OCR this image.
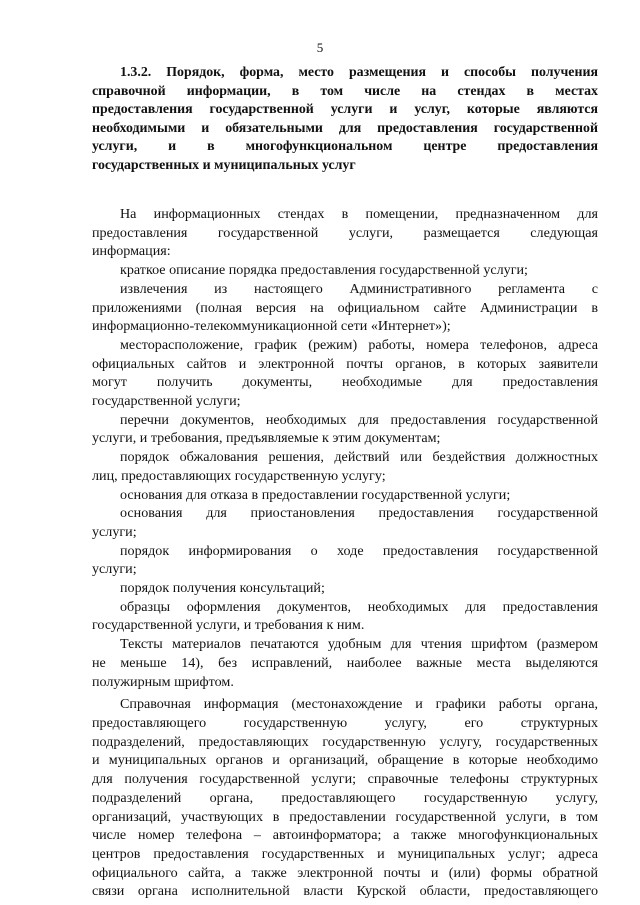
5
1.3.2. Порядок, форма, место размещения и способы получения
справочной информации, в том числе на стендах в местах
предоставления государственной услуги и услуг, которые являются
необходимыми и обязательными для предоставления государственной
услуги, и в многофункциональном центре предоставления
государственных и муниципальных услуг
На информационных стендах в помещении, предназначенном для
предоставления государственной услуги, размещается следующая
информация:
краткое описание порядка предоставления государственной услуги;
извлечения из настоящего Административного регламента с
приложениями (полная версия на официальном сайте Администрации в
информационно-телекоммуникационной сети «Интернет»);
месторасположение, график (режим) работы, номера телефонов, адреса
официальных сайтов и электронной почты органов, в которых заявители
могут получить документы, необходимые для предоставления
государственной услуги;
перечни документов, необходимых для предоставления государственной
услуги, и требования, предъявляемые к этим документам;
порядок обжалования решения, действий или бездействия должностных
лиц, предоставляющих государственную услугу;
основания для отказа в предоставлении государственной услуги;
основания для приостановления предоставления государственной
услуги;
порядок информирования о ходе предоставления государственной
услуги;
порядок получения консультаций;
образцы оформления документов, необходимых для предоставления
государственной услуги, и требования к ним.
Тексты материалов печатаются удобным для чтения шрифтом (размером
не меньше 14), без исправлений, наиболее важные места выделяются
полужирным шрифтом.
Справочная информация (местонахождение и графики работы органа,
предоставляющего государственную услугу, его структурных
подразделений, предоставляющих государственную услугу, государственных
и муниципальных органов и организаций, обращение в которые необходимо
для получения государственной услуги; справочные телефоны структурных
подразделений органа, предоставляющего государственную услугу,
организаций, участвующих в предоставлении государственной услуги, в том
числе номер телефона – автоинформатора; а также многофункциональных
центров предоставления государственных и муниципальных услуг; адреса
официального сайта, а также электронной почты и (или) формы обратной
связи органа исполнительной власти Курской области, предоставляющего
